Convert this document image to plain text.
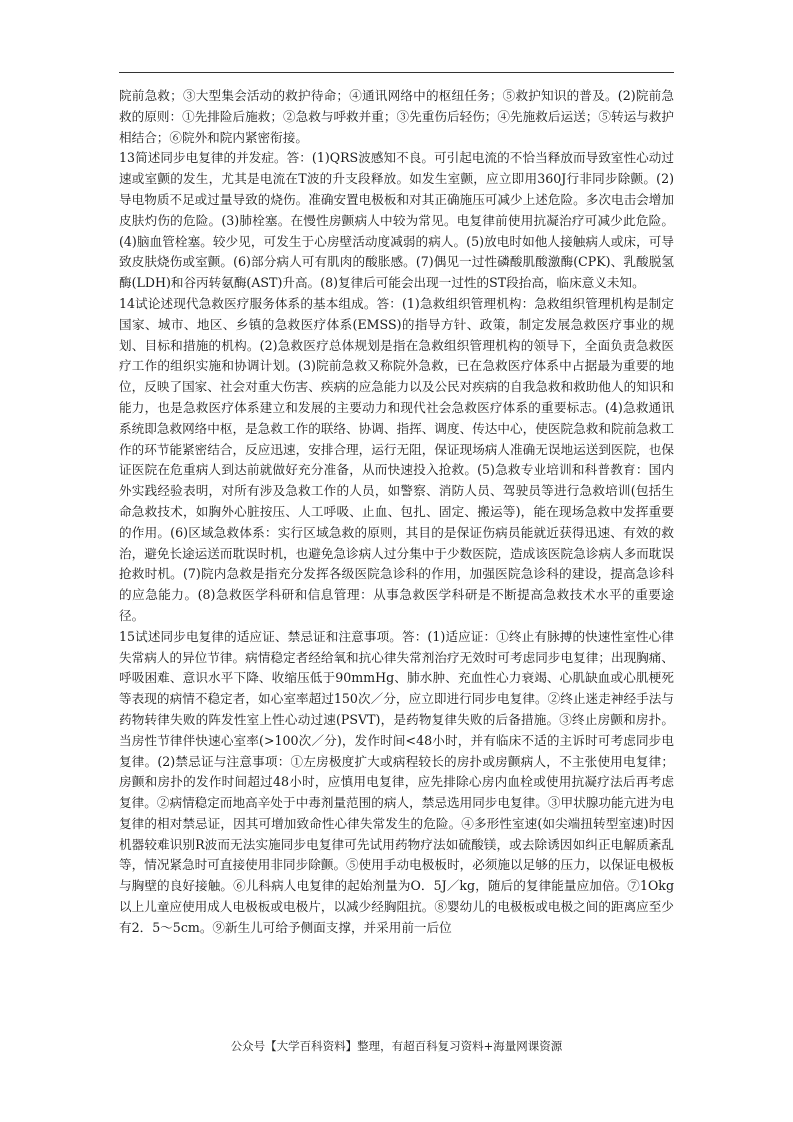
院前急救；③大型集会活动的救护待命；④通讯网络中的枢纽任务；⑤救护知识的普及。(2)院前急救的原则：①先排险后施救；②急救与呼救并重；③先重伤后轻伤；④先施救后运送；⑤转运与救护相结合；⑥院外和院内紧密衔接。

13简述同步电复律的并发症。答：(1)QRS波感知不良。可引起电流的不恰当释放而导致室性心动过速或室颤的发生，尤其是电流在T波的升支段释放。如发生室颤，应立即用360J行非同步除颤。(2)导电物质不足或过量导致的烧伤。准确安置电极板和对其正确施压可减少上述危险。多次电击会增加皮肤灼伤的危险。(3)肺栓塞。在慢性房颤病人中较为常见。电复律前使用抗凝治疗可减少此危险。(4)脑血管栓塞。较少见，可发生于心房壁活动度减弱的病人。(5)放电时如他人接触病人或床，可导致皮肤烧伤或室颤。(6)部分病人可有肌肉的酸胀感。(7)偶见一过性磷酸肌酸激酶(CPK)、乳酸脱氢酶(LDH)和谷丙转氨酶(AST)升高。(8)复律后可能会出现一过性的ST段抬高，临床意义未知。

14试论述现代急救医疗服务体系的基本组成。答：(1)急救组织管理机构：急救组织管理机构是制定国家、城市、地区、乡镇的急救医疗体系(EMSS)的指导方针、政策，制定发展急救医疗事业的规划、目标和措施的机构。(2)急救医疗总体规划是指在急救组织管理机构的领导下，全面负责急救医疗工作的组织实施和协调计划。(3)院前急救又称院外急救，已在急救医疗体系中占据最为重要的地位，反映了国家、社会对重大伤害、疾病的应急能力以及公民对疾病的自我急救和救助他人的知识和能力，也是急救医疗体系建立和发展的主要动力和现代社会急救医疗体系的重要标志。(4)急救通讯系统即急救网络中枢，是急救工作的联络、协调、指挥、调度、传达中心，使医院急救和院前急救工作的环节能紧密结合，反应迅速，安排合理，运行无阻，保证现场病人准确无误地运送到医院，也保证医院在危重病人到达前就做好充分准备，从而快速投入抢救。(5)急救专业培训和科普教育：国内外实践经验表明，对所有涉及急救工作的人员，如警察、消防人员、驾驶员等进行急救培训(包括生命急救技术，如胸外心脏按压、人工呼吸、止血、包扎、固定、搬运等)，能在现场急救中发挥重要的作用。(6)区域急救体系：实行区域急救的原则，其目的是保证伤病员能就近获得迅速、有效的救治，避免长途运送而耽误时机，也避免急诊病人过分集中于少数医院，造成该医院急诊病人多而耽误抢救时机。(7)院内急救是指充分发挥各级医院急诊科的作用，加强医院急诊科的建设，提高急诊科的应急能力。(8)急救医学科研和信息管理：从事急救医学科研是不断提高急救技术水平的重要途径。

15试述同步电复律的适应证、禁忌证和注意事项。答：(1)适应证：①终止有脉搏的快速性室性心律失常病人的异位节律。病情稳定者经给氧和抗心律失常剂治疗无效时可考虑同步电复律；出现胸痛、呼吸困难、意识水平下降、收缩压低于90mmHg、肺水肿、充血性心力衰竭、心肌缺血或心肌梗死等表现的病情不稳定者，如心室率超过150次／分，应立即进行同步电复律。②终止迷走神经手法与药物转律失败的阵发性室上性心动过速(PSVT)，是药物复律失败的后备措施。③终止房颤和房扑。当房性节律伴快速心室率(>100次／分)，发作时间<48小时，并有临床不适的主诉时可考虑同步电复律。(2)禁忌证与注意事项：①左房极度扩大或病程较长的房扑或房颤病人，不主张使用电复律；房颤和房扑的发作时间超过48小时，应慎用电复律，应先排除心房内血栓或使用抗凝疗法后再考虑复律。②病情稳定而地高辛处于中毒剂量范围的病人，禁忌选用同步电复律。③甲状腺功能亢进为电复律的相对禁忌证，因其可增加致命性心律失常发生的危险。④多形性室速(如尖端扭转型室速)时因机器较难识别R波而无法实施同步电复律可先试用药物疗法如硫酸镁，或去除诱因如纠正电解质紊乱等，情况紧急时可直接使用非同步除颤。⑤使用手动电极板时，必须施以足够的压力，以保证电极板与胸壁的良好接触。⑥儿科病人电复律的起始剂量为O．5J／kg，随后的复律能量应加倍。⑦1Okg以上儿童应使用成人电极板或电极片，以减少经胸阻抗。⑧婴幼儿的电极板或电极之间的距离应至少有2．5～5cm。⑨新生儿可给予侧面支撑，并采用前一后位

公众号【大学百科资料】整理，有超百科复习资料+海量网课资源
